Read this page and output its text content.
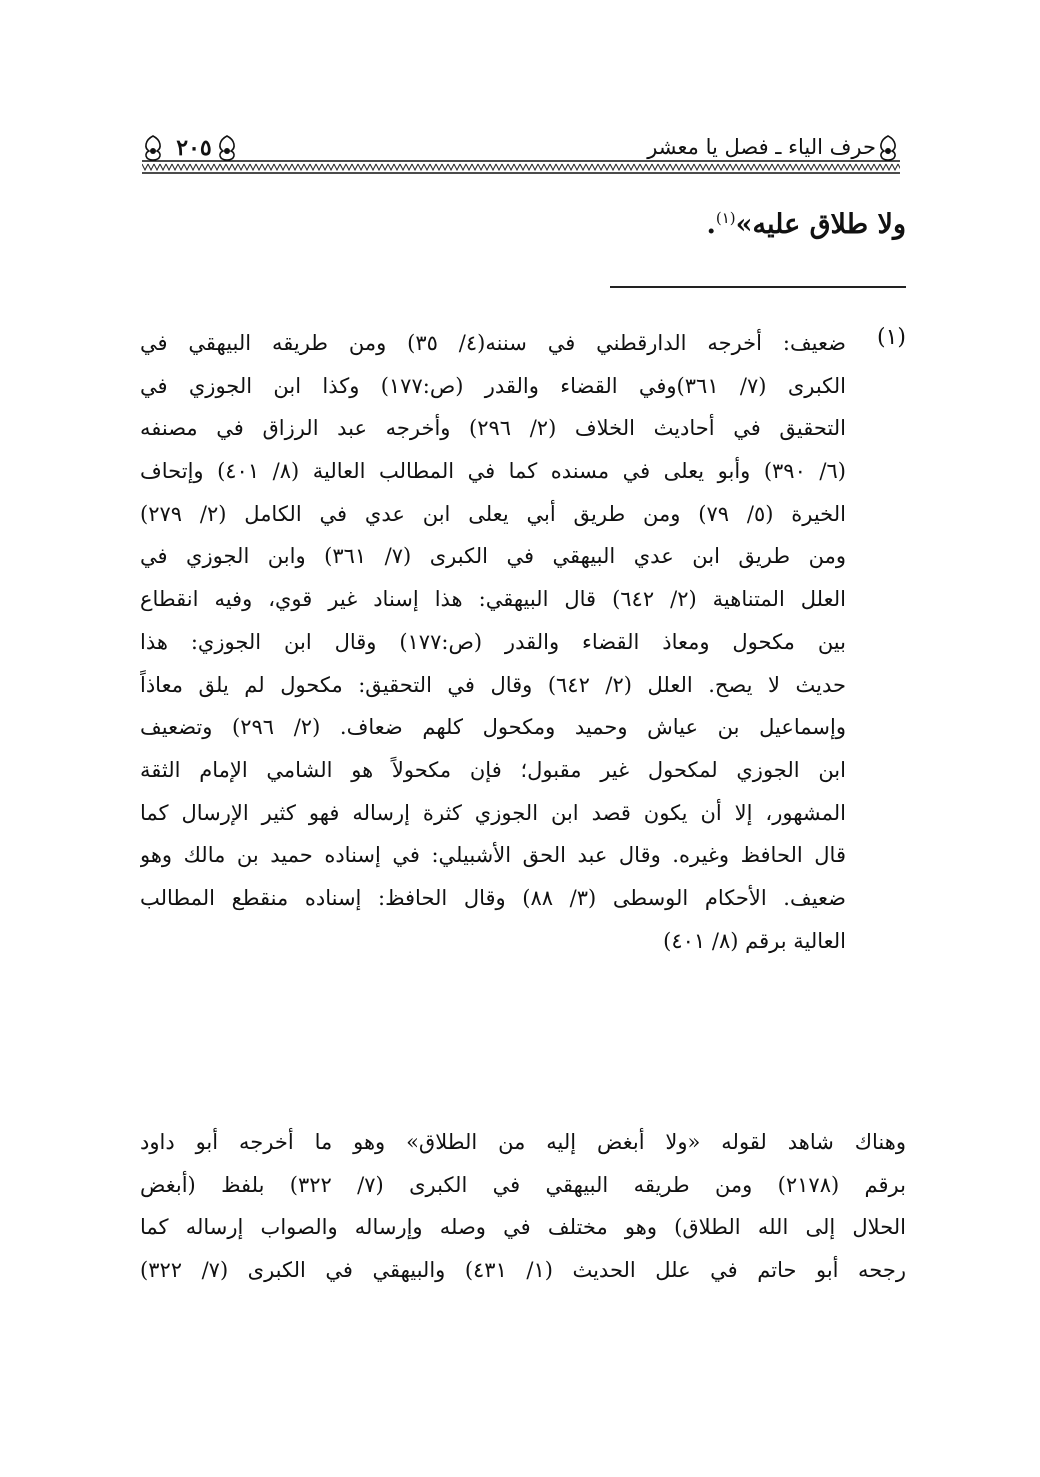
٢٠٥	حرف الياء ـ فصل يا معشر
ولا طلاق عليه»$^{(١)}$.
(١)
ضعيف: أخرجه الدارقطني في سننه(٤/ ٣٥) ومن طريقه البيهقي في
الكبرى (٧/ ٣٦١)وفي القضاء والقدر (ص:١٧٧) وكذا ابن الجوزي في
التحقيق في أحاديث الخلاف (٢/ ٢٩٦) وأخرجه عبد الرزاق في مصنفه
(٦/ ٣٩٠) وأبو يعلى في مسنده كما في المطالب العالية (٨/ ٤٠١) وإتحاف
الخيرة (٥/ ٧٩) ومن طريق أبي يعلى ابن عدي في الكامل (٢/ ٢٧٩)
ومن طريق ابن عدي البيهقي في الكبرى (٧/ ٣٦١) وابن الجوزي في
العلل المتناهية (٢/ ٦٤٢) قال البيهقي: هذا إسناد غير قوي، وفيه انقطاع
بين مكحول ومعاذ القضاء والقدر (ص:١٧٧) وقال ابن الجوزي: هذا
حديث لا يصح. العلل (٢/ ٦٤٢) وقال في التحقيق: مكحول لم يلق معاذاً
وإسماعيل بن عياش وحميد ومكحول كلهم ضعاف. (٢/ ٢٩٦) وتضعيف
ابن الجوزي لمكحول غير مقبول؛ فإن مكحولاً هو الشامي الإمام الثقة
المشهور، إلا أن يكون قصد ابن الجوزي كثرة إرساله فهو كثير الإرسال كما
قال الحافظ وغيره. وقال عبد الحق الأشبيلي: في إسناده حميد بن مالك وهو
ضعيف. الأحكام الوسطى (٣/ ٨٨) وقال الحافظ: إسناده منقطع المطالب
العالية برقم (٨/ ٤٠١)
وهناك شاهد لقوله «ولا أبغض إليه من الطلاق» وهو ما أخرجه أبو داود
برقم (٢١٧٨) ومن طريقه البيهقي في الكبرى (٧/ ٣٢٢) بلفظ (أبغض
الحلال إلى الله الطلاق) وهو مختلف في وصله وإرساله والصواب إرساله كما
رجحه أبو حاتم في علل الحديث (١/ ٤٣١) والبيهقي في الكبرى (٧/ ٣٢٢)
